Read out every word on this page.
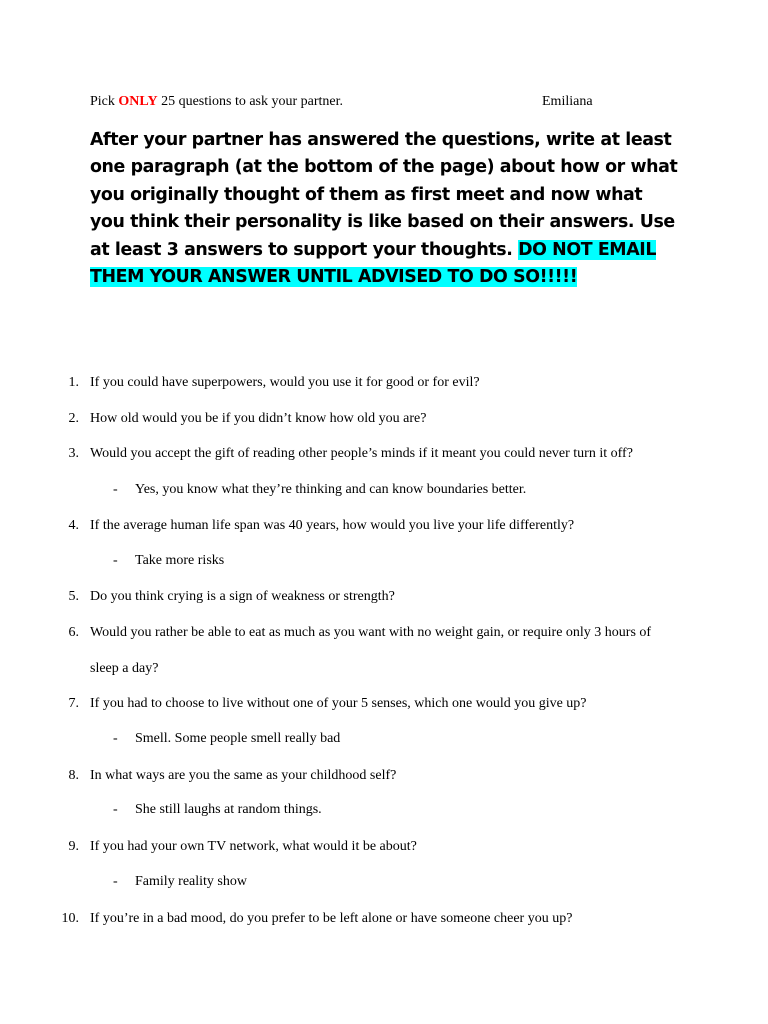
Pick ONLY 25 questions to ask your partner.	Emiliana
After your partner has answered the questions, write at least one paragraph (at the bottom of the page) about how or what you originally thought of them as first meet and now what you think their personality is like based on their answers. Use at least 3 answers to support your thoughts. DO NOT EMAIL THEM YOUR ANSWER UNTIL ADVISED TO DO SO!!!!!
1. If you could have superpowers, would you use it for good or for evil?
2. How old would you be if you didn’t know how old you are?
3. Would you accept the gift of reading other people’s minds if it meant you could never turn it off?
- Yes, you know what they’re thinking and can know boundaries better.
4. If the average human life span was 40 years, how would you live your life differently?
- Take more risks
5. Do you think crying is a sign of weakness or strength?
6. Would you rather be able to eat as much as you want with no weight gain, or require only 3 hours of sleep a day?
7. If you had to choose to live without one of your 5 senses, which one would you give up?
- Smell. Some people smell really bad
8. In what ways are you the same as your childhood self?
- She still laughs at random things.
9. If you had your own TV network, what would it be about?
- Family reality show
10. If you’re in a bad mood, do you prefer to be left alone or have someone cheer you up?
